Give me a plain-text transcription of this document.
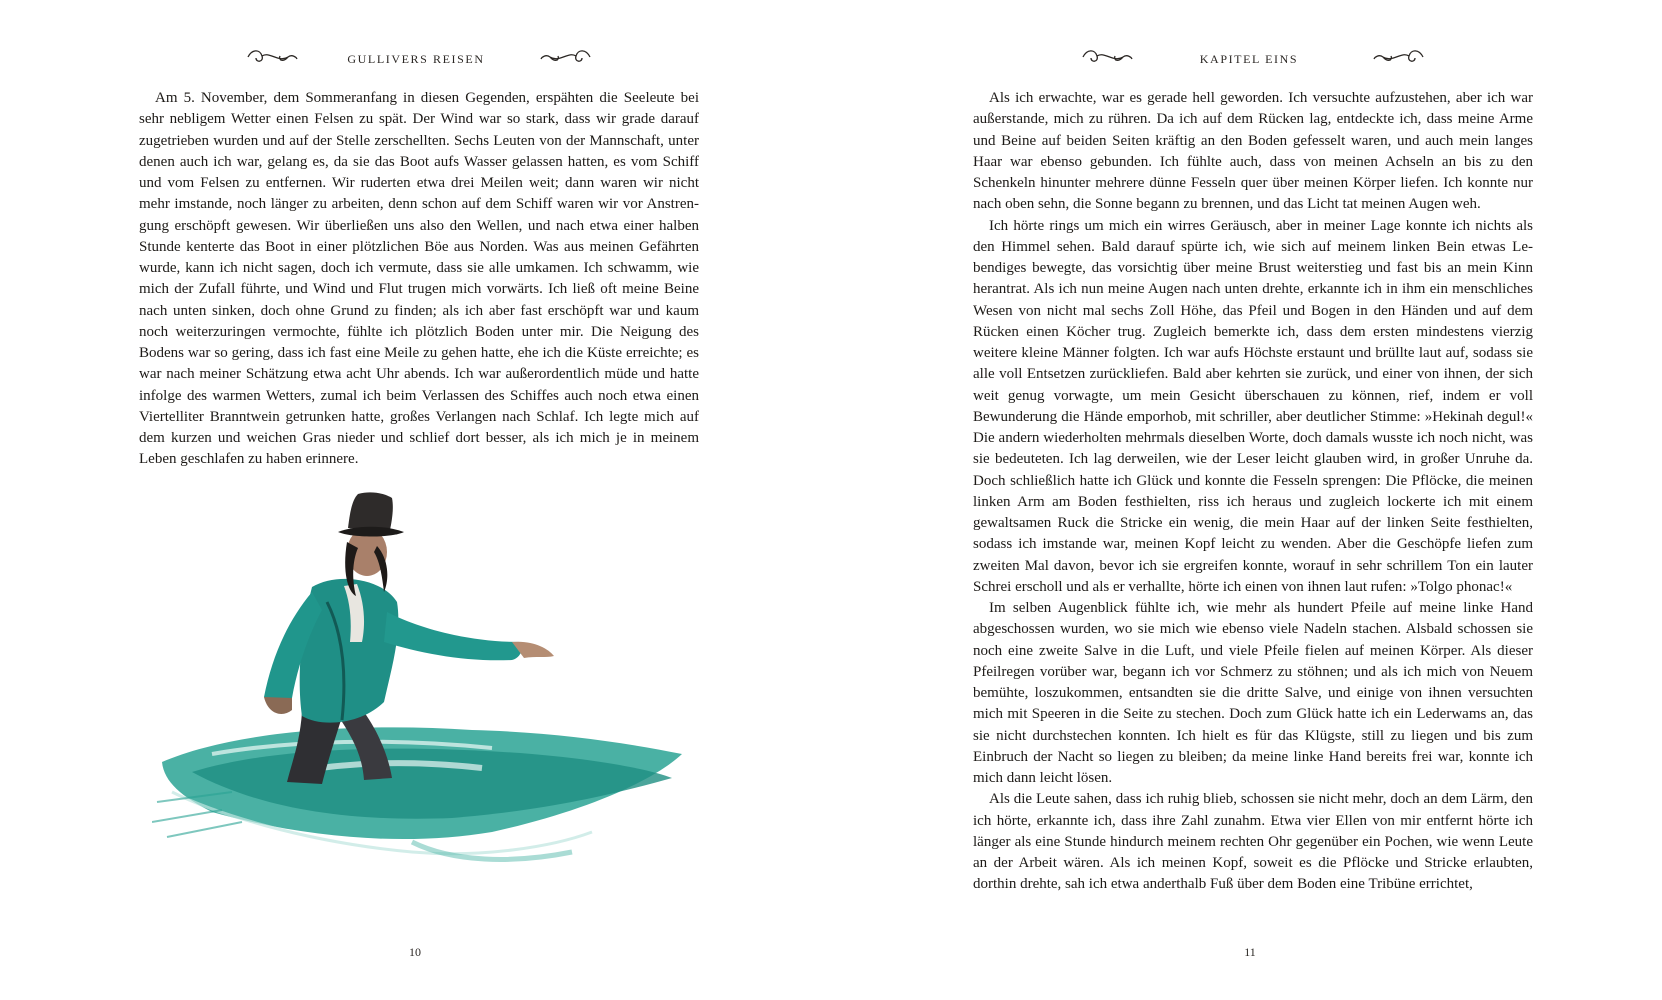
GULLIVERS REISEN

Am 5. November, dem Sommeranfang in diesen Gegenden, erspähten die Seeleute bei sehr nebligem Wetter einen Felsen zu spät. Der Wind war so stark, dass wir grade darauf zugetrieben wurden und auf der Stelle zerschellten. Sechs Leuten von der Mannschaft, unter denen auch ich war, gelang es, da sie das Boot aufs Wasser gelassen hatten, es vom Schiff und vom Felsen zu entfernen. Wir ruderten etwa drei Meilen weit; dann waren wir nicht mehr imstande, noch länger zu arbeiten, denn schon auf dem Schiff waren wir vor Anstrengung erschöpft gewesen. Wir überließen uns also den Wellen, und nach etwa einer halben Stunde kenterte das Boot in einer plötzlichen Böe aus Norden. Was aus meinen Gefährten wurde, kann ich nicht sagen, doch ich vermute, dass sie alle umkamen. Ich schwamm, wie mich der Zufall führte, und Wind und Flut trugen mich vorwärts. Ich ließ oft meine Beine nach unten sinken, doch ohne Grund zu finden; als ich aber fast erschöpft war und kaum noch weiterzuringen vermochte, fühlte ich plötzlich Boden unter mir. Die Neigung des Bodens war so gering, dass ich fast eine Meile zu gehen hatte, ehe ich die Küste erreichte; es war nach meiner Schätzung etwa acht Uhr abends. Ich war außerordentlich müde und hatte infolge des warmen Wetters, zumal ich beim Verlassen des Schiffes auch noch etwa einen Viertelliter Branntwein getrunken hatte, großes Verlangen nach Schlaf. Ich legte mich auf dem kurzen und weichen Gras nieder und schlief dort besser, als ich mich je in meinem Leben geschlafen zu haben erinnere.

10
KAPITEL EINS

Als ich erwachte, war es gerade hell geworden. Ich versuchte aufzustehen, aber ich war außerstande, mich zu rühren. Da ich auf dem Rücken lag, entdeckte ich, dass meine Arme und Beine auf beiden Seiten kräftig an den Boden gefesselt waren, und auch mein langes Haar war ebenso gebunden. Ich fühlte auch, dass von meinen Achseln an bis zu den Schenkeln hinunter mehrere dünne Fesseln quer über meinen Körper liefen. Ich konnte nur nach oben sehn, die Sonne begann zu brennen, und das Licht tat meinen Augen weh.

Ich hörte rings um mich ein wirres Geräusch, aber in meiner Lage konnte ich nichts als den Himmel sehen. Bald darauf spürte ich, wie sich auf meinem linken Bein etwas Lebendiges bewegte, das vorsichtig über meine Brust weiterstieg und fast bis an mein Kinn herantrat. Als ich nun meine Augen nach unten drehte, erkannte ich in ihm ein menschliches Wesen von nicht mal sechs Zoll Höhe, das Pfeil und Bogen in den Händen und auf dem Rücken einen Köcher trug. Zugleich bemerkte ich, dass dem ersten mindestens vierzig weitere kleine Männer folgten. Ich war aufs Höchste erstaunt und brüllte laut auf, sodass sie alle voll Entsetzen zurückliefen. Bald aber kehrten sie zurück, und einer von ihnen, der sich weit genug vorwagte, um mein Gesicht überschauen zu können, rief, indem er voll Bewunderung die Hände emporhob, mit schriller, aber deutlicher Stimme: »Hekinah degul!« Die andern wiederholten mehrmals dieselben Worte, doch damals wusste ich noch nicht, was sie bedeuteten. Ich lag derweilen, wie der Leser leicht glauben wird, in großer Unruhe da. Doch schließlich hatte ich Glück und konnte die Fesseln sprengen: Die Pflöcke, die meinen linken Arm am Boden festhielten, riss ich heraus und zugleich lockerte ich mit einem gewaltsamen Ruck die Stricke ein wenig, die mein Haar auf der linken Seite festhielten, sodass ich imstande war, meinen Kopf leicht zu wenden. Aber die Geschöpfe liefen zum zweiten Mal davon, bevor ich sie ergreifen konnte, worauf in sehr schrillem Ton ein lauter Schrei erscholl und als er verhallte, hörte ich einen von ihnen laut rufen: »Tolgo phonac!«

Im selben Augenblick fühlte ich, wie mehr als hundert Pfeile auf meine linke Hand abgeschossen wurden, wo sie mich wie ebenso viele Nadeln stachen. Alsbald schossen sie noch eine zweite Salve in die Luft, und viele Pfeile fielen auf meinen Körper. Als dieser Pfeilregen vorüber war, begann ich vor Schmerz zu stöhnen; und als ich mich von Neuem bemühte, loszukommen, entsandten sie die dritte Salve, und einige von ihnen versuchten mich mit Speeren in die Seite zu stechen. Doch zum Glück hatte ich ein Lederwams an, das sie nicht durchstechen konnten. Ich hielt es für das Klügste, still zu liegen und bis zum Einbruch der Nacht so liegen zu bleiben; da meine linke Hand bereits frei war, konnte ich mich dann leicht lösen.

Als die Leute sahen, dass ich ruhig blieb, schossen sie nicht mehr, doch an dem Lärm, den ich hörte, erkannte ich, dass ihre Zahl zunahm. Etwa vier Ellen von mir entfernt hörte ich länger als eine Stunde hindurch meinem rechten Ohr gegenüber ein Pochen, wie wenn Leute an der Arbeit wären. Als ich meinen Kopf, soweit es die Pflöcke und Stricke erlaubten, dorthin drehte, sah ich etwa anderthalb Fuß über dem Boden eine Tribüne errichtet,

11
